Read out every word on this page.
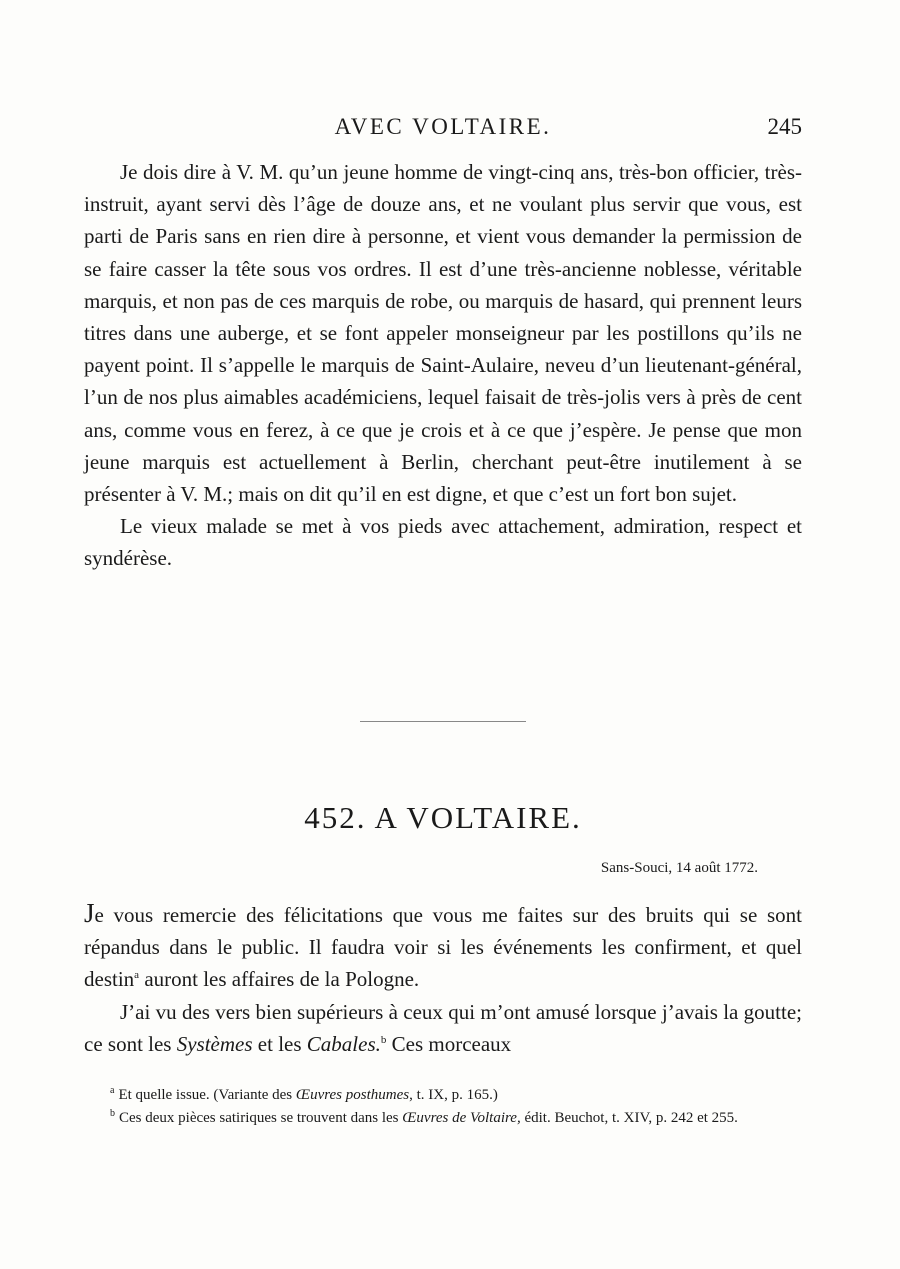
AVEC VOLTAIRE.	245

Je dois dire à V. M. qu’un jeune homme de vingt-cinq ans, très-bon officier, très-instruit, ayant servi dès l’âge de douze ans, et ne voulant plus servir que vous, est parti de Paris sans en rien dire à personne, et vient vous demander la permission de se faire casser la tête sous vos ordres. Il est d’une très-ancienne noblesse, véritable marquis, et non pas de ces marquis de robe, ou marquis de hasard, qui prennent leurs titres dans une auberge, et se font appeler monseigneur par les postillons qu’ils ne payent point. Il s’appelle le marquis de Saint-Aulaire, neveu d’un lieutenant-général, l’un de nos plus aimables académiciens, lequel faisait de très-jolis vers à près de cent ans, comme vous en ferez, à ce que je crois et à ce que j’espère. Je pense que mon jeune marquis est actuellement à Berlin, cherchant peut-être inutilement à se présenter à V. M.; mais on dit qu’il en est digne, et que c’est un fort bon sujet.

Le vieux malade se met à vos pieds avec attachement, admiration, respect et syndérèse.

452. A VOLTAIRE.
Sans-Souci, 14 août 1772.

Je vous remercie des félicitations que vous me faites sur des bruits qui se sont répandus dans le public. Il faudra voir si les événements les confirment, et quel destin$^a$ auront les affaires de la Pologne.

J’ai vu des vers bien supérieurs à ceux qui m’ont amusé lorsque j’avais la goutte; ce sont les Systèmes et les Cabales.$^b$ Ces morceaux

$^a$ Et quelle issue. (Variante des Œuvres posthumes, t. IX, p. 165.)

$^b$ Ces deux pièces satiriques se trouvent dans les Œuvres de Voltaire, édit. Beuchot, t. XIV, p. 242 et 255.
